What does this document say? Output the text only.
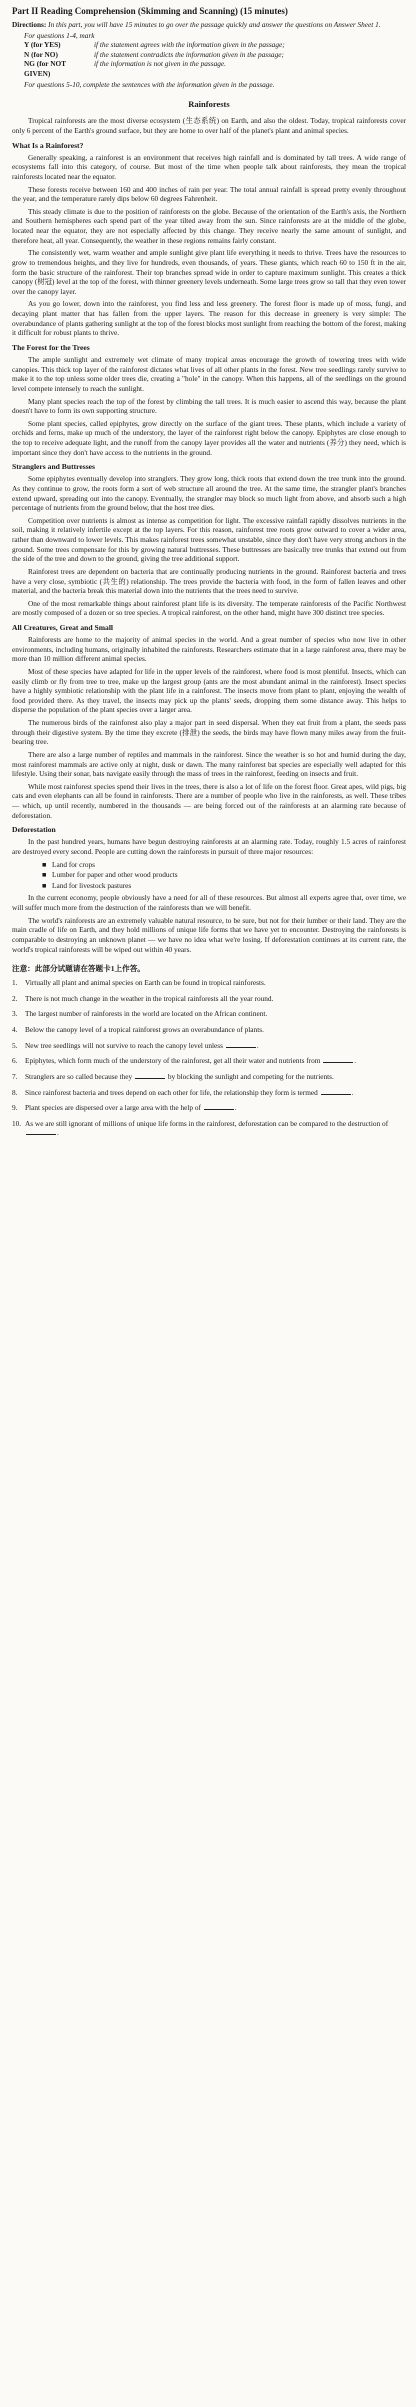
Part II Reading Comprehension (Skimming and Scanning) (15 minutes)
Directions: In this part, you will have 15 minutes to go over the passage quickly and answer the questions on Answer Sheet 1.
For questions 1-4, mark
Y (for YES)	if the statement agrees with the information given in the passage;
N (for NO)	if the statement contradicts the information given in the passage;
NG (for NOT GIVEN)
if the information is not given in the passage.
For questions 5-10, complete the sentences with the information given in the passage.
Rainforests

Tropical rainforests are the most diverse ecosystem (生态系统) on Earth, and also the oldest. Today, tropical rainforests cover only 6 percent of the Earth's ground surface, but they are home to over half of the planet's plant and animal species.

What Is a Rainforest?

Generally speaking, a rainforest is an environment that receives high rainfall and is dominated by tall trees. A wide range of ecosystems fall into this category, of course. But most of the time when people talk about rainforests, they mean the tropical rainforests located near the equator.

These forests receive between 160 and 400 inches of rain per year. The total annual rainfall is spread pretty evenly throughout the year, and the temperature rarely dips below 60 degrees Fahrenheit.

This steady climate is due to the position of rainforests on the globe. Because of the orientation of the Earth's axis, the Northern and Southern hemispheres each spend part of the year tilted away from the sun. Since rainforests are at the middle of the globe, located near the equator, they are not especially affected by this change. They receive nearly the same amount of sunlight, and therefore heat, all year. Consequently, the weather in these regions remains fairly constant.

The consistently wet, warm weather and ample sunlight give plant life everything it needs to thrive. Trees have the resources to grow to tremendous heights, and they live for hundreds, even thousands, of years. These giants, which reach 60 to 150 ft in the air, form the basic structure of the rainforest. Their top branches spread wide in order to capture maximum sunlight. This creates a thick canopy (树冠) level at the top of the forest, with thinner greenery levels underneath. Some large trees grow so tall that they even tower over the canopy layer.

As you go lower, down into the rainforest, you find less and less greenery. The forest floor is made up of moss, fungi, and decaying plant matter that has fallen from the upper layers. The reason for this decrease in greenery is very simple: The overabundance of plants gathering sunlight at the top of the forest blocks most sunlight from reaching the bottom of the forest, making it difficult for robust plants to thrive.

The Forest for the Trees

The ample sunlight and extremely wet climate of many tropical areas encourage the growth of towering trees with wide canopies. This thick top layer of the rainforest dictates what lives of all other plants in the forest. New tree seedlings rarely survive to make it to the top unless some older trees die, creating a "hole" in the canopy. When this happens, all of the seedlings on the ground level compete intensely to reach the sunlight.

Many plant species reach the top of the forest by climbing the tall trees. It is much easier to ascend this way, because the plant doesn't have to form its own supporting structure.

Some plant species, called epiphytes, grow directly on the surface of the giant trees. These plants, which include a variety of orchids and ferns, make up much of the understory, the layer of the rainforest right below the canopy. Epiphytes are close enough to the top to receive adequate light, and the runoff from the canopy layer provides all the water and nutrients (养分) they need, which is important since they don't have access to the nutrients in the ground.

Stranglers and Buttresses

Some epiphytes eventually develop into stranglers. They grow long, thick roots that extend down the tree trunk into the ground. As they continue to grow, the roots form a sort of web structure all around the tree. At the same time, the strangler plant's branches extend upward, spreading out into the canopy. Eventually, the strangler may block so much light from above, and absorb such a high percentage of nutrients from the ground below, that the host tree dies.

Competition over nutrients is almost as intense as competition for light. The excessive rainfall rapidly dissolves nutrients in the soil, making it relatively infertile except at the top layers. For this reason, rainforest tree roots grow outward to cover a wider area, rather than downward to lower levels. This makes rainforest trees somewhat unstable, since they don't have very strong anchors in the ground. Some trees compensate for this by growing natural buttresses. These buttresses are basically tree trunks that extend out from the side of the tree and down to the ground, giving the tree additional support.

Rainforest trees are dependent on bacteria that are continually producing nutrients in the ground. Rainforest bacteria and trees have a very close, symbiotic (共生的) relationship. The trees provide the bacteria with food, in the form of fallen leaves and other material, and the bacteria break this material down into the nutrients that the trees need to survive.

One of the most remarkable things about rainforest plant life is its diversity. The temperate rainforests of the Pacific Northwest are mostly composed of a dozen or so tree species. A tropical rainforest, on the other hand, might have 300 distinct tree species.

All Creatures, Great and Small

Rainforests are home to the majority of animal species in the world. And a great number of species who now live in other environments, including humans, originally inhabited the rainforests. Researchers estimate that in a large rainforest area, there may be more than 10 million different animal species.

Most of these species have adapted for life in the upper levels of the rainforest, where food is most plentiful. Insects, which can easily climb or fly from tree to tree, make up the largest group (ants are the most abundant animal in the rainforest). Insect species have a highly symbiotic relationship with the plant life in a rainforest. The insects move from plant to plant, enjoying the wealth of food provided there. As they travel, the insects may pick up the plants' seeds, dropping them some distance away. This helps to disperse the population of the plant species over a larger area.

The numerous birds of the rainforest also play a major part in seed dispersal. When they eat fruit from a plant, the seeds pass through their digestive system. By the time they excrete (排泄) the seeds, the birds may have flown many miles away from the fruit-bearing tree.

There are also a large number of reptiles and mammals in the rainforest. Since the weather is so hot and humid during the day, most rainforest mammals are active only at night, dusk or dawn. The many rainforest bat species are especially well adapted for this lifestyle. Using their sonar, bats navigate easily through the mass of trees in the rainforest, feeding on insects and fruit.

While most rainforest species spend their lives in the trees, there is also a lot of life on the forest floor. Great apes, wild pigs, big cats and even elephants can all be found in rainforests. There are a number of people who live in the rainforests, as well. These tribes — which, up until recently, numbered in the thousands — are being forced out of the rainforests at an alarming rate because of deforestation.

Deforestation

In the past hundred years, humans have begun destroying rainforests at an alarming rate. Today, roughly 1.5 acres of rainforest are destroyed every second. People are cutting down the rainforests in pursuit of three major resources:

■ Land for crops
■ Lumber for paper and other wood products
■ Land for livestock pastures

In the current economy, people obviously have a need for all of these resources. But almost all experts agree that, over time, we will suffer much more from the destruction of the rainforests than we will benefit.

The world's rainforests are an extremely valuable natural resource, to be sure, but not for their lumber or their land. They are the main cradle of life on Earth, and they hold millions of unique life forms that we have yet to encounter. Destroying the rainforests is comparable to destroying an unknown planet — we have no idea what we're losing. If deforestation continues at its current rate, the world's tropical rainforests will be wiped out within 40 years.

注意：此部分试题请在答题卡1上作答。
1.	Virtually all plant and animal species on Earth can be found in tropical rainforests.
2.	There is not much change in the weather in the tropical rainforests all the year round.
3.	The largest number of rainforests in the world are located on the African continent.
4.	Below the canopy level of a tropical rainforest grows an overabundance of plants.
5.	New tree seedlings will not survive to reach the canopy level unless	.
6.	Epiphytes, which form much of the understory of the rainforest, get all their water and nutrients from	.
7.	Stranglers are so called because they	by blocking the sunlight and competing for the nutrients.
8.	Since rainforest bacteria and trees depend on each other for life, the relationship they form is termed	.
9.	Plant species are dispersed over a large area with the help of	.
10. As we are still ignorant of millions of unique life forms in the rainforest, deforestation can be compared to the destruction of .
